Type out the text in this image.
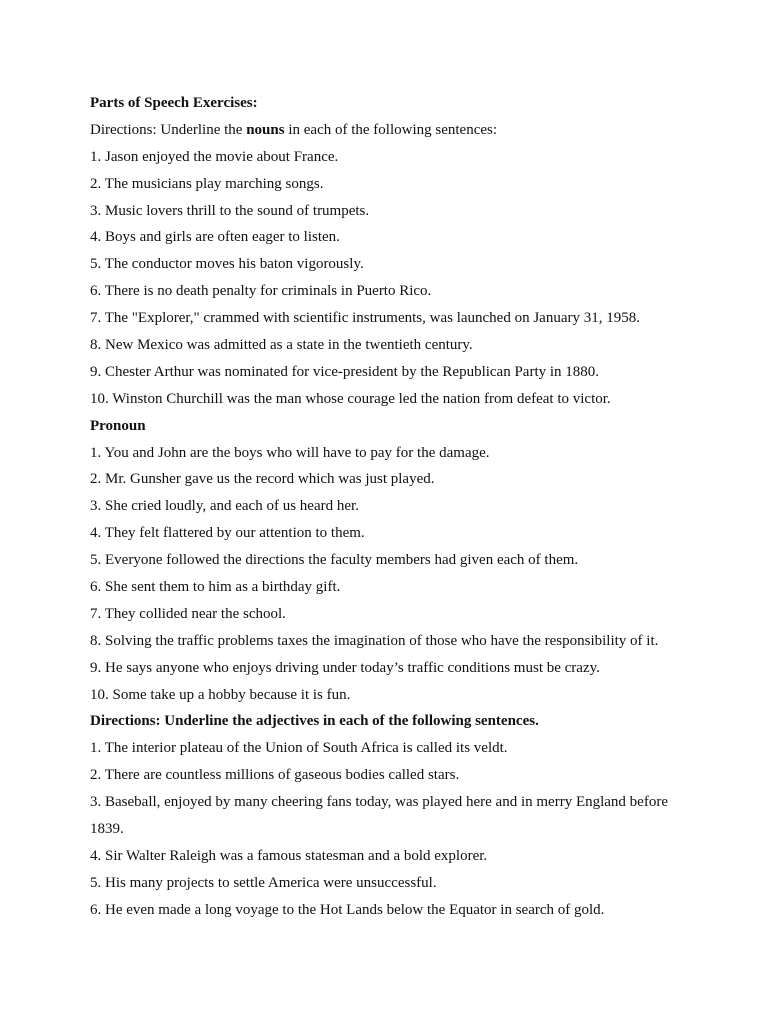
Parts of Speech Exercises:
Directions: Underline the nouns in each of the following sentences:
1. Jason enjoyed the movie about France.
2. The musicians play marching songs.
3. Music lovers thrill to the sound of trumpets.
4. Boys and girls are often eager to listen.
5. The conductor moves his baton vigorously.
6. There is no death penalty for criminals in Puerto Rico.
7. The "Explorer," crammed with scientific instruments, was launched on January 31, 1958.
8. New Mexico was admitted as a state in the twentieth century.
9. Chester Arthur was nominated for vice-president by the Republican Party in 1880.
10. Winston Churchill was the man whose courage led the nation from defeat to victor.
Pronoun
1. You and John are the boys who will have to pay for the damage.
2. Mr. Gunsher gave us the record which was just played.
3. She cried loudly, and each of us heard her.
4. They felt flattered by our attention to them.
5. Everyone followed the directions the faculty members had given each of them.
6. She sent them to him as a birthday gift.
7. They collided near the school.
8. Solving the traffic problems taxes the imagination of those who have the responsibility of it.
9. He says anyone who enjoys driving under today’s traffic conditions must be crazy.
10. Some take up a hobby because it is fun.
Directions: Underline the adjectives in each of the following sentences.
1. The interior plateau of the Union of South Africa is called its veldt.
2. There are countless millions of gaseous bodies called stars.
3. Baseball, enjoyed by many cheering fans today, was played here and in merry England before 1839.
4. Sir Walter Raleigh was a famous statesman and a bold explorer.
5. His many projects to settle America were unsuccessful.
6. He even made a long voyage to the Hot Lands below the Equator in search of gold.
